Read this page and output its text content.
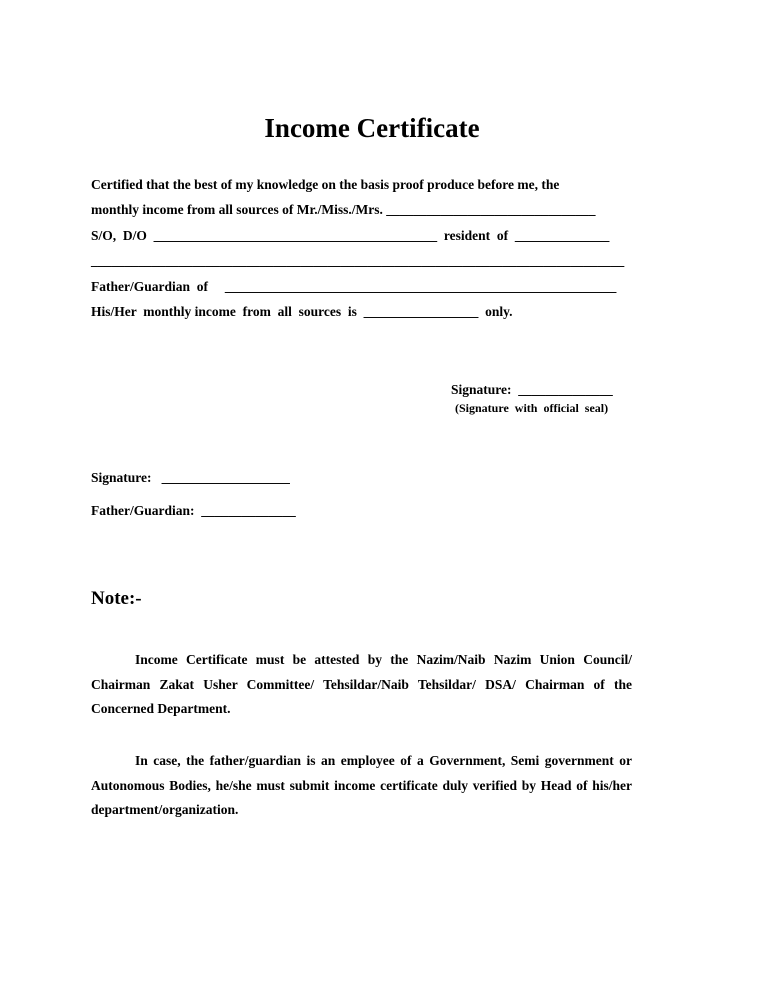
Income Certificate
Certified that the best of my knowledge on the basis proof produce before me, the
monthly income from all sources of Mr./Miss./Mrs. _______________________________
S/O,  D/O  __________________________________________  resident  of  ______________
_______________________________________________________________________________
Father/Guardian  of     __________________________________________________________
His/Her  monthly income  from  all  sources  is  _________________  only.
Signature:  ______________
(Signature  with  official  seal)
Signature:   ___________________
Father/Guardian:  ______________
Note:-
Income Certificate must be attested by the Nazim/Naib Nazim Union Council/ Chairman Zakat Usher Committee/ Tehsildar/Naib Tehsildar/ DSA/ Chairman of the Concerned Department.
In case, the father/guardian is an employee of a Government, Semi government or Autonomous Bodies, he/she must submit income certificate duly verified by Head of his/her department/organization.
